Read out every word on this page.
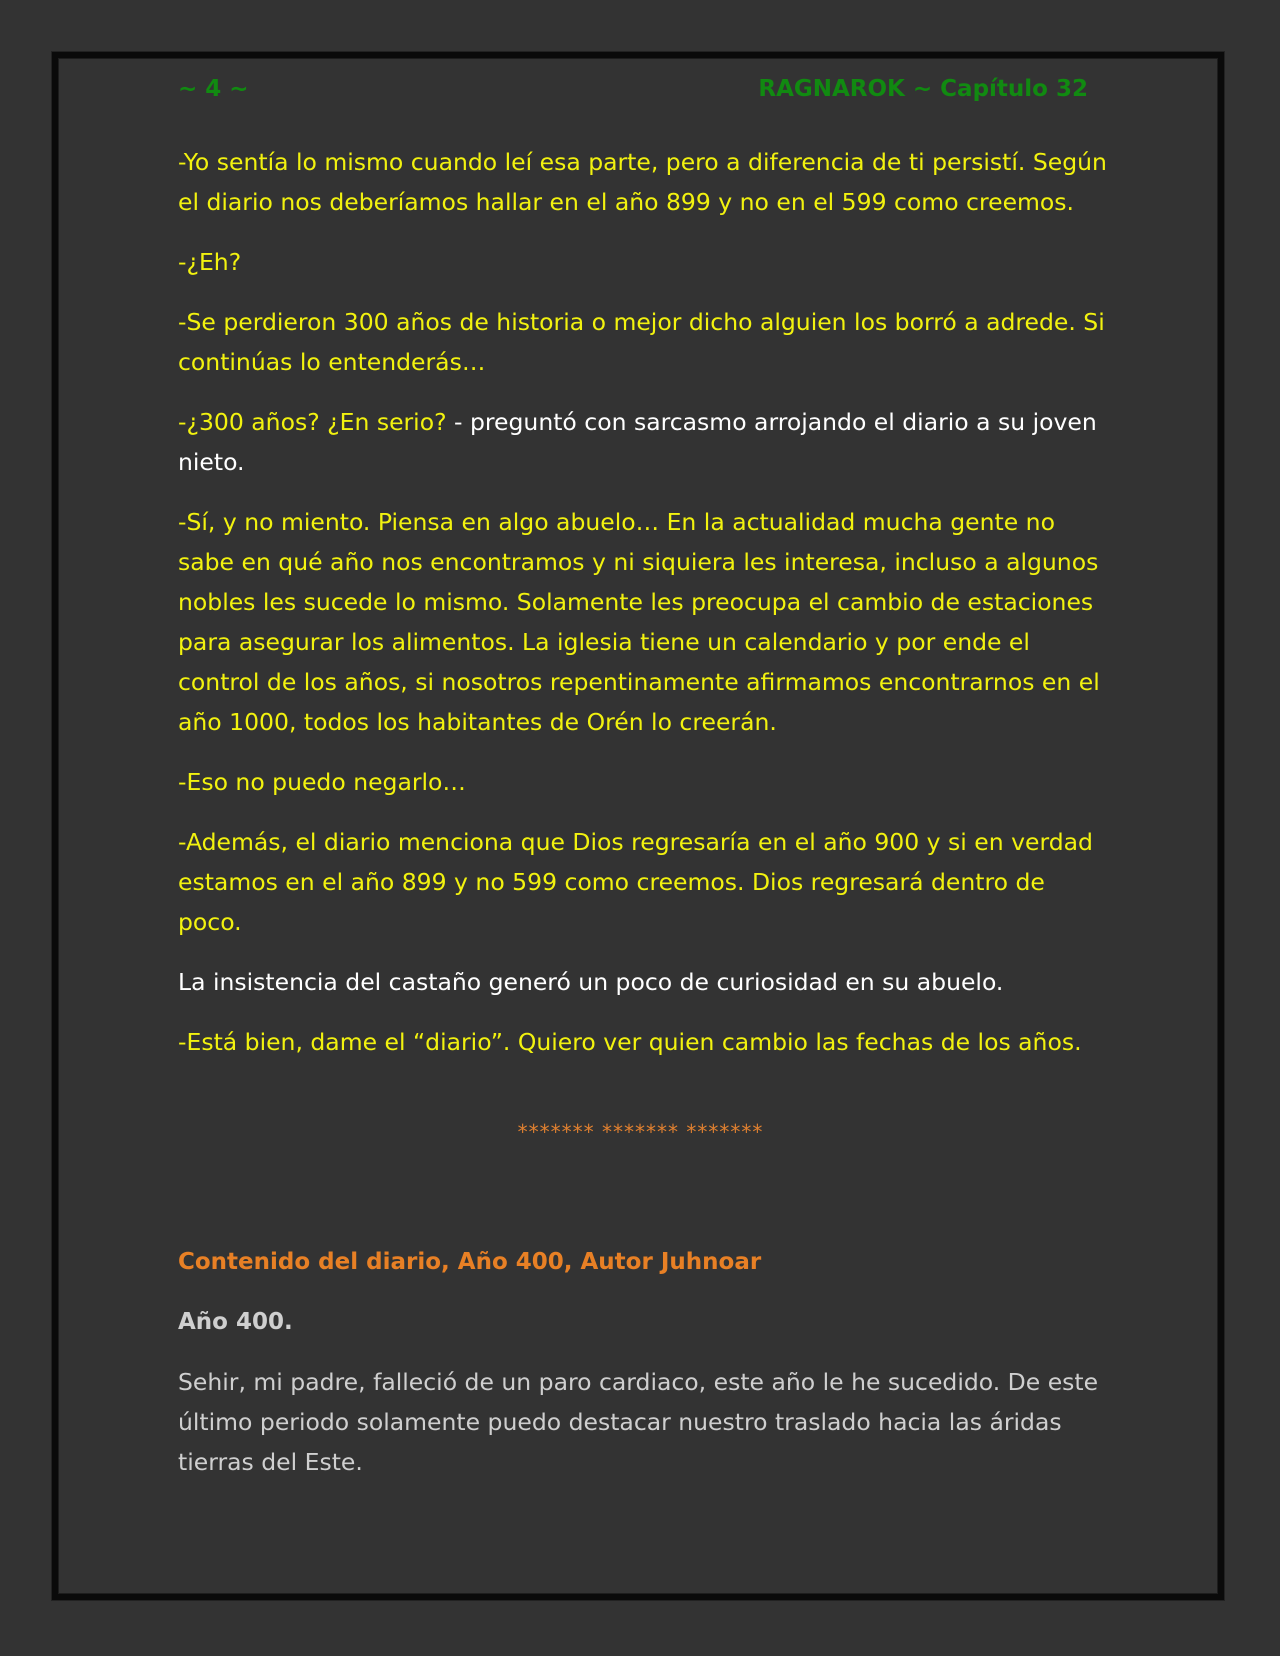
~ 4 ~	RAGNAROK ~ Capítulo 32

-Yo sentía lo mismo cuando leí esa parte, pero a diferencia de ti persistí. Según el diario nos deberíamos hallar en el año 899 y no en el 599 como creemos.

-¿Eh?

-Se perdieron 300 años de historia o mejor dicho alguien los borró a adrede. Si continúas lo entenderás…

-¿300 años? ¿En serio? - preguntó con sarcasmo arrojando el diario a su joven nieto.

-Sí, y no miento. Piensa en algo abuelo… En la actualidad mucha gente no sabe en qué año nos encontramos y ni siquiera les interesa, incluso a algunos nobles les sucede lo mismo. Solamente les preocupa el cambio de estaciones para asegurar los alimentos. La iglesia tiene un calendario y por ende el control de los años, si nosotros repentinamente afirmamos encontrarnos en el año 1000, todos los habitantes de Orén lo creerán.

-Eso no puedo negarlo…

-Además, el diario menciona que Dios regresaría en el año 900 y si en verdad estamos en el año 899 y no 599 como creemos. Dios regresará dentro de poco.

La insistencia del castaño generó un poco de curiosidad en su abuelo.

-Está bien, dame el “diario”. Quiero ver quien cambio las fechas de los años.

******* ******* *******

Contenido del diario, Año 400, Autor Juhnoar

Año 400.

Sehir, mi padre, falleció de un paro cardiaco, este año le he sucedido. De este último periodo solamente puedo destacar nuestro traslado hacia las áridas tierras del Este.
